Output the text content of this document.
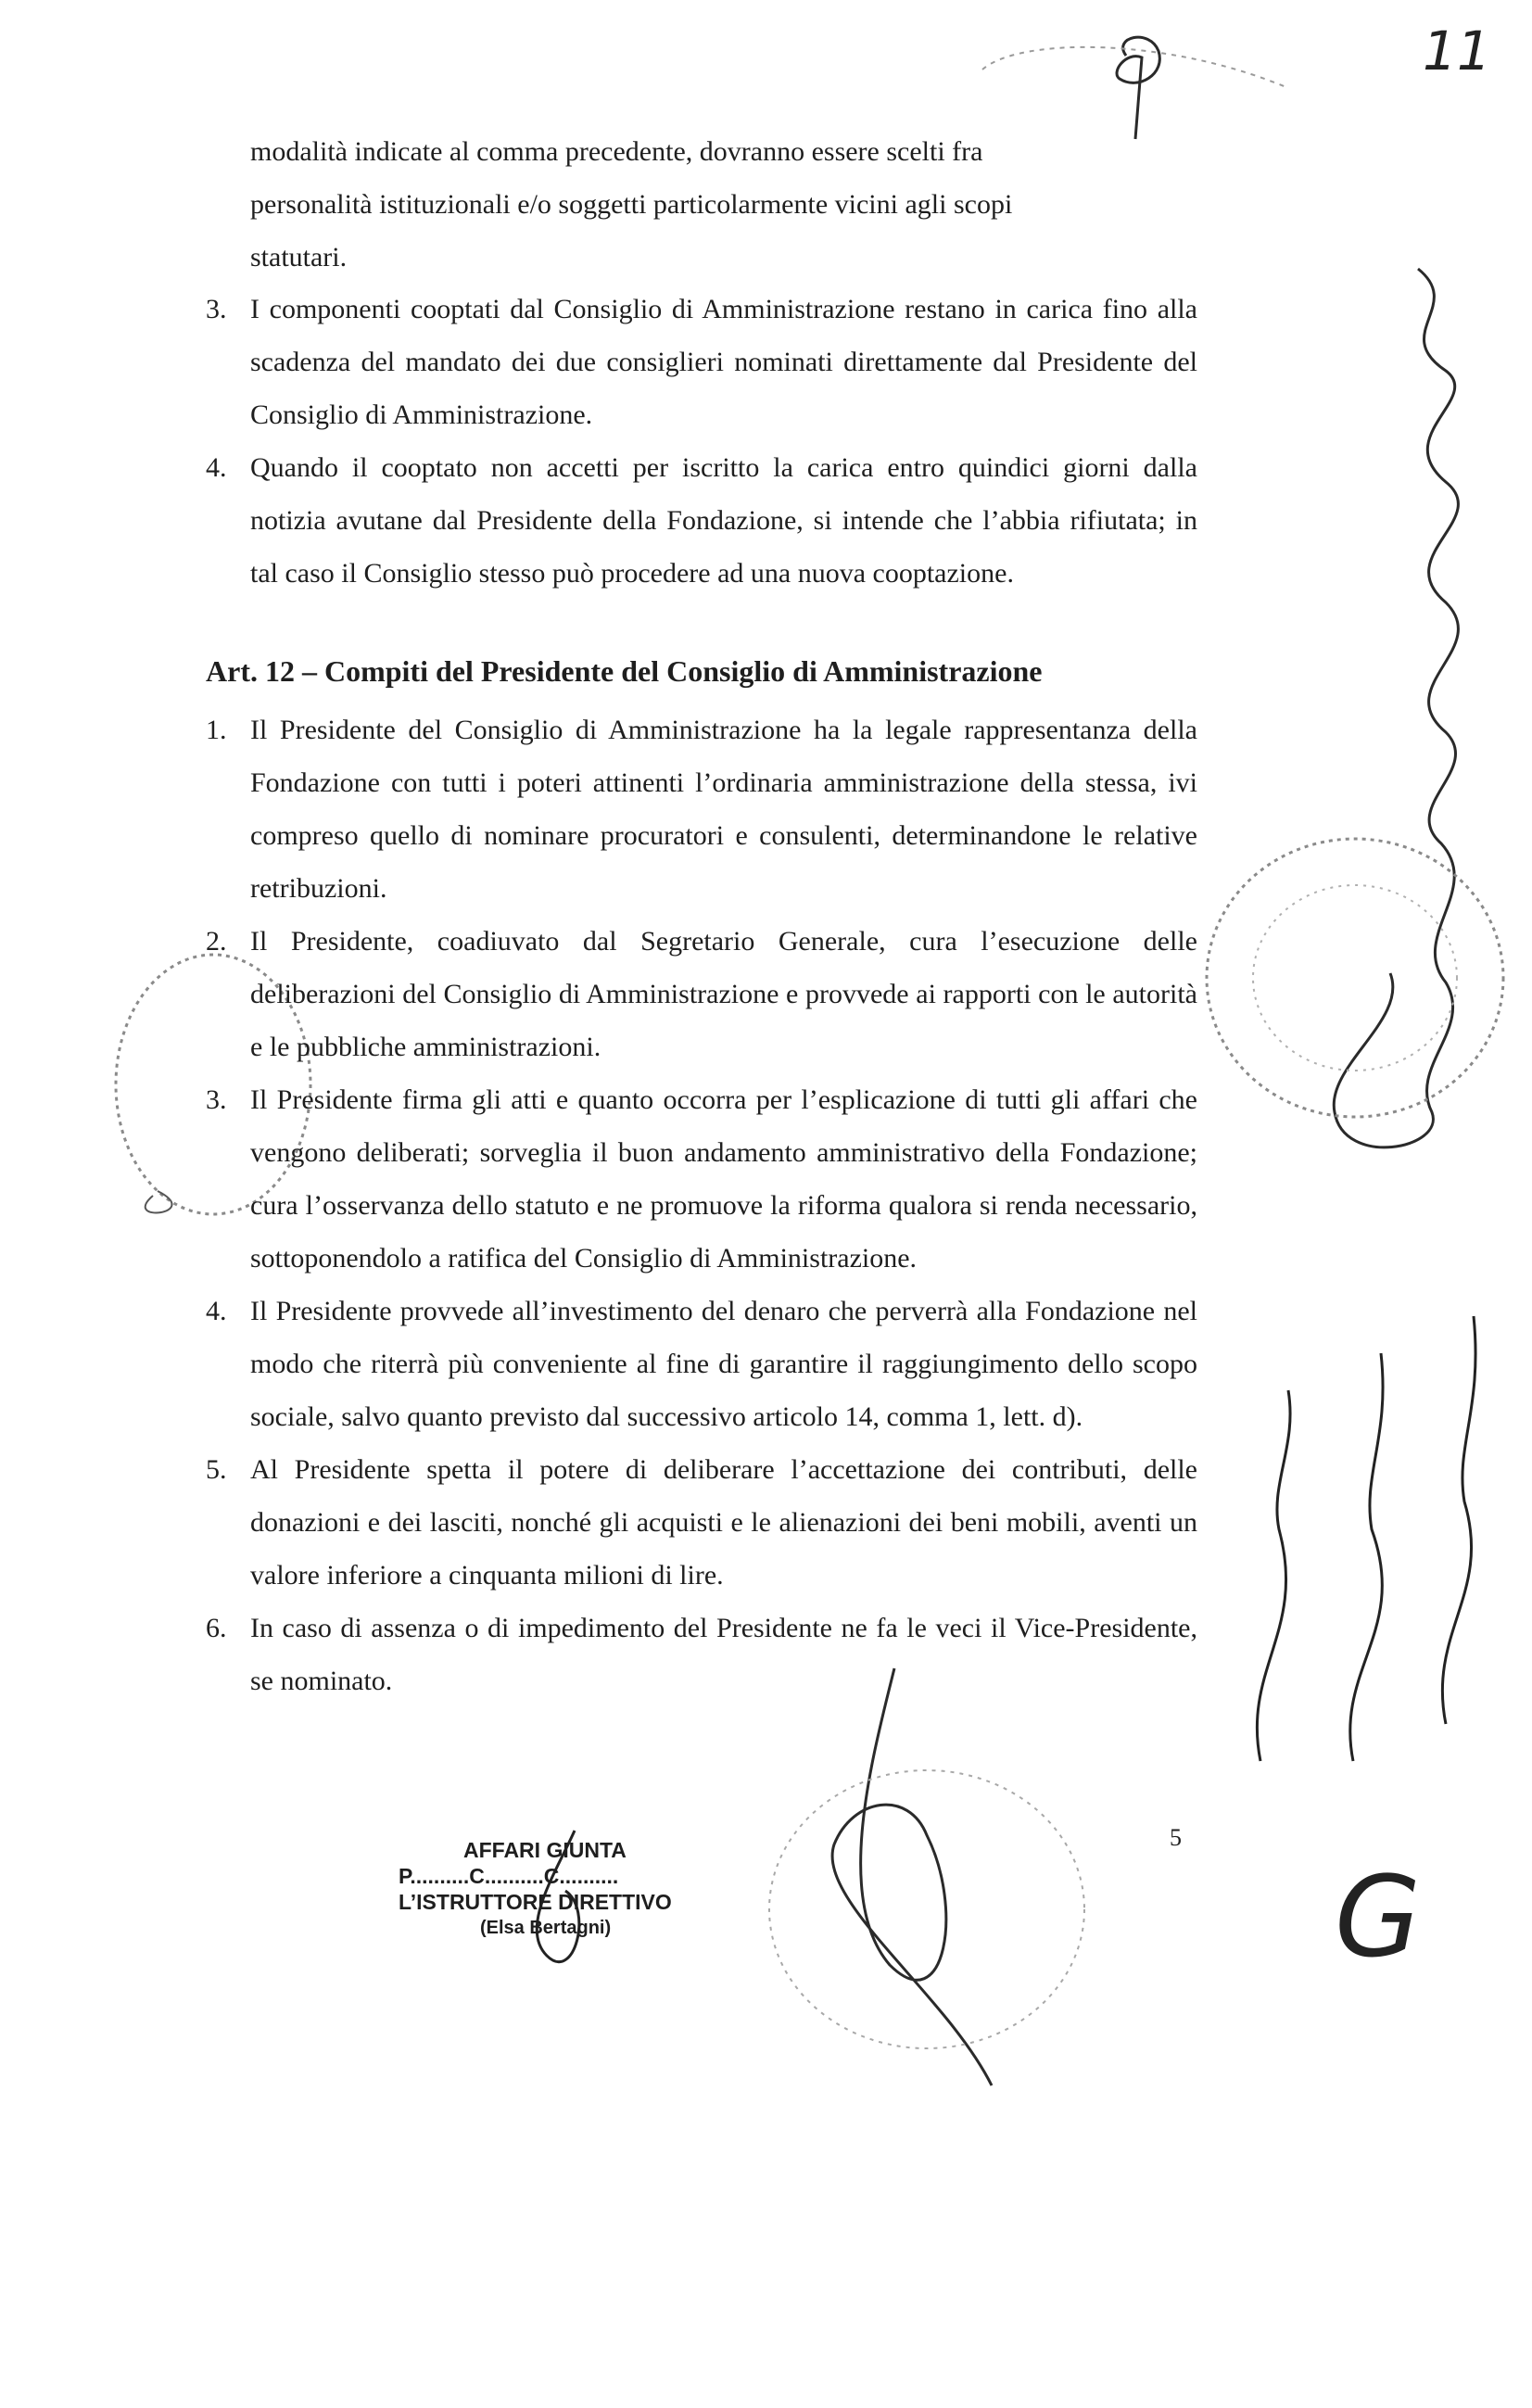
11
G

modalità indicate al comma precedente, dovranno essere scelti fra

personalità istituzionali e/o soggetti particolarmente vicini agli scopi

statutari.

3. I componenti cooptati dal Consiglio di Amministrazione restano in carica fino alla scadenza del mandato dei due consiglieri nominati direttamente dal Presidente del Consiglio di Amministrazione.
4. Quando il cooptato non accetti per iscritto la carica entro quindici giorni dalla notizia avutane dal Presidente della Fondazione, si intende che l’abbia rifiutata; in tal caso il Consiglio stesso può procedere ad una nuova cooptazione.
Art. 12 – Compiti del Presidente del Consiglio di Amministrazione
1. Il Presidente del Consiglio di Amministrazione ha la legale rappresentanza della Fondazione con tutti i poteri attinenti l’ordinaria amministrazione della stessa, ivi compreso quello di nominare procuratori e consulenti, determinandone le relative retribuzioni.
2. Il Presidente, coadiuvato dal Segretario Generale, cura l’esecuzione delle deliberazioni del Consiglio di Amministrazione e provvede ai rapporti con le autorità e le pubbliche amministrazioni.
3. Il Presidente firma gli atti e quanto occorra per l’esplicazione di tutti gli affari che vengono deliberati; sorveglia il buon andamento amministrativo della Fondazione; cura l’osservanza dello statuto e ne promuove la riforma qualora si renda necessario, sottoponendolo a ratifica del Consiglio di Amministrazione.
4. Il Presidente provvede all’investimento del denaro che perverrà alla Fondazione nel modo che riterrà più conveniente al fine di garantire il raggiungimento dello scopo sociale, salvo quanto previsto dal successivo articolo 14, comma 1, lett. d).
5. Al Presidente spetta il potere di deliberare l’accettazione dei contributi, delle donazioni e dei lasciti, nonché gli acquisti e le alienazioni dei beni mobili, aventi un valore inferiore a cinquanta milioni di lire.
6. In caso di assenza o di impedimento del Presidente ne fa le veci il Vice-Presidente, se nominato.
AFFARI GIUNTA
P..........C..........C..........
L’ISTRUTTORE DIRETTIVO
(Elsa Bertagni)
5
